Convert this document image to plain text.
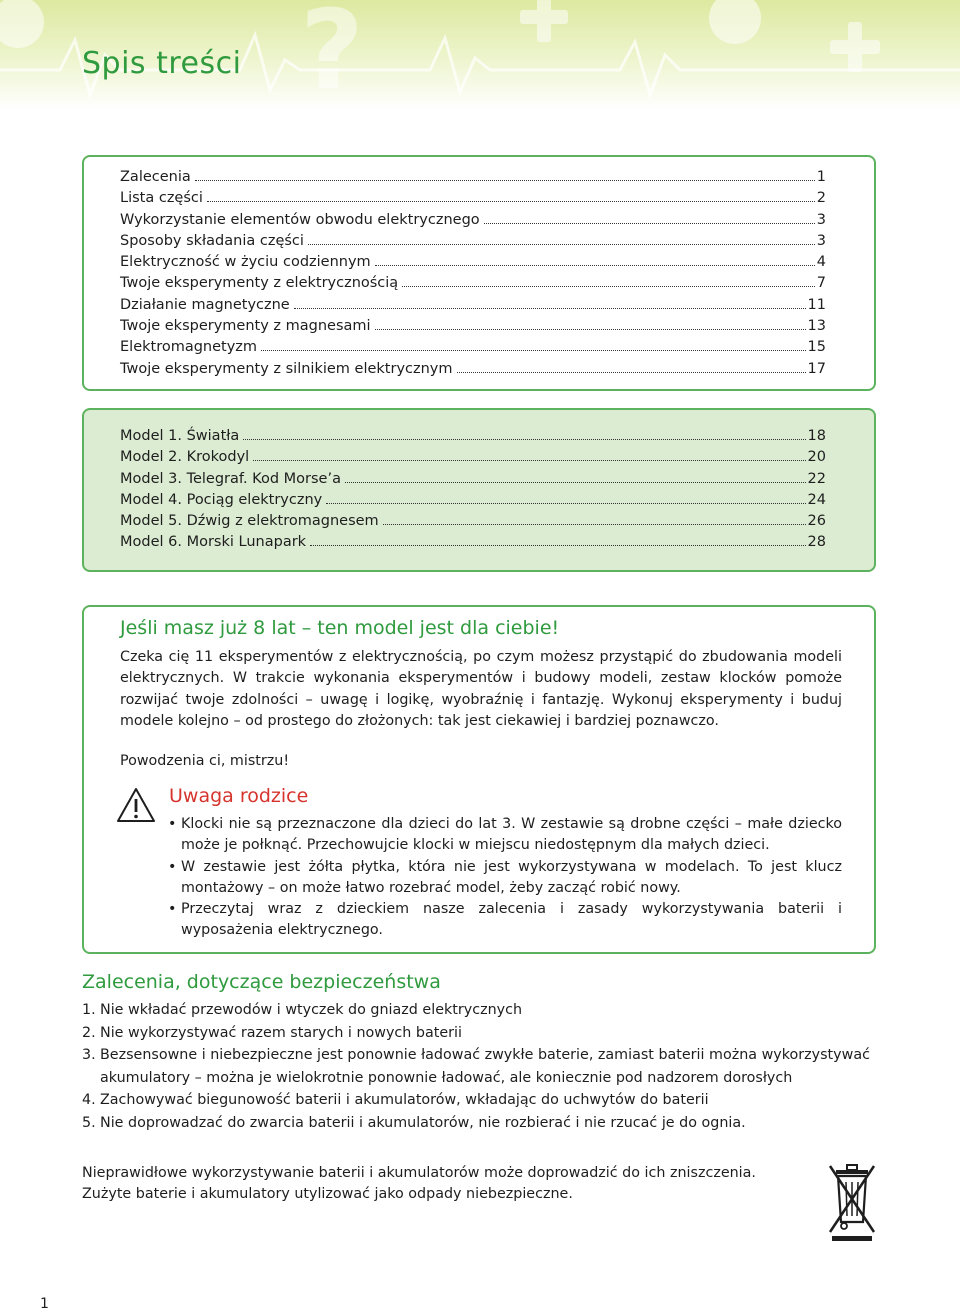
?
Spis treści
Zalecenia	1
Lista części	2
Wykorzystanie elementów obwodu elektrycznego	3
Sposoby składania części	3
Elektryczność w życiu codziennym	4
Twoje eksperymenty z elektrycznością	7
Działanie magnetyczne	11
Twoje eksperymenty z magnesami	13
Elektromagnetyzm	15
Twoje eksperymenty z silnikiem elektrycznym	17
Model 1. Światła	18
Model 2. Krokodyl	20
Model 3. Telegraf. Kod Morse’a	22
Model 4. Pociąg elektryczny	24
Model 5. Dźwig z elektromagnesem	26
Model 6. Morski Lunapark	28
Jeśli masz już 8 lat – ten model jest dla ciebie!

Czeka cię 11 eksperymentów z elektrycznością, po czym możesz przystąpić do zbudowania modeli elektrycznych. W trakcie wykonania eksperymentów i budowy modeli, zestaw klocków pomoże rozwijać twoje zdolności – uwagę i logikę, wyobraźnię i fantazję. Wykonuj eksperymenty i buduj modele kolejno – od prostego do złożonych: tak jest ciekawiej i bardziej poznawczo.

Powodzenia ci, mistrzu!

Uwaga rodzice
• Klocki nie są przeznaczone dla dzieci do lat 3. W zestawie są drobne części – małe dziecko może je połknąć. Przechowujcie klocki w miejscu niedostępnym dla małych dzieci.
• W zestawie jest żółta płytka, która nie jest wykorzystywana w modelach. To jest klucz montażowy – on może łatwo rozebrać model, żeby zacząć robić nowy.
• Przeczytaj wraz z dzieckiem nasze zalecenia i zasady wykorzystywania baterii i wyposażenia elektrycznego.
Zalecenia, dotyczące bezpieczeństwa
1. Nie wkładać przewodów i wtyczek do gniazd elektrycznych
2. Nie wykorzystywać razem starych i nowych baterii
3. Bezsensowne i niebezpieczne jest ponownie ładować zwykłe baterie, zamiast baterii można wykorzystywać akumulatory – można je wielokrotnie ponownie ładować, ale koniecznie pod nadzorem dorosłych
4. Zachowywać biegunowość baterii i akumulatorów, wkładając do uchwytów do baterii
5. Nie doprowadzać do zwarcia baterii i akumulatorów, nie rozbierać i nie rzucać je do ognia.
Nieprawidłowe wykorzystywanie baterii i akumulatorów może doprowadzić do ich zniszczenia.
Zużyte baterie i akumulatory utylizować jako odpady niebezpieczne.

1
